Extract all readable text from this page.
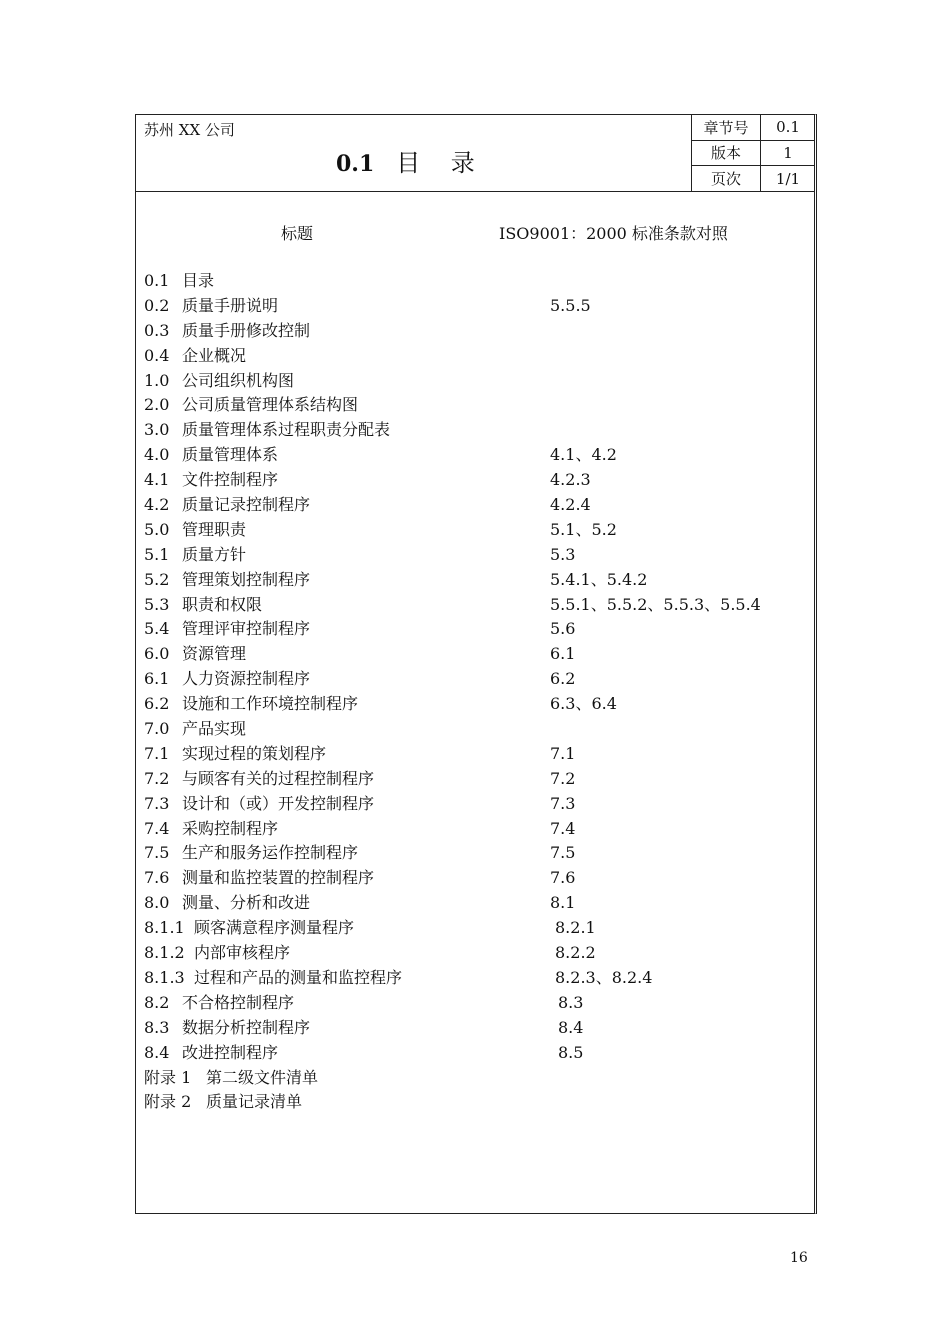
苏州 XX 公司
0.1 目    录
章节号	0.1
版本	1
页次	1/1
标题	ISO9001：2000 标准条款对照
0.1 目录
0.2 质量手册说明	5.5.5
0.3 质量手册修改控制
0.4 企业概况
1.0 公司组织机构图
2.0 公司质量管理体系结构图
3.0 质量管理体系过程职责分配表
4.0 质量管理体系	4.1、4.2
4.1 文件控制程序	4.2.3
4.2 质量记录控制程序	4.2.4
5.0 管理职责	5.1、5.2
5.1 质量方针	5.3
5.2 管理策划控制程序	5.4.1、5.4.2
5.3 职责和权限	5.5.1、5.5.2、5.5.3、5.5.4
5.4 管理评审控制程序	5.6
6.0 资源管理	6.1
6.1 人力资源控制程序	6.2
6.2 设施和工作环境控制程序	6.3、6.4
7.0 产品实现
7.1 实现过程的策划程序	7.1
7.2 与顾客有关的过程控制程序	7.2
7.3 设计和（或）开发控制程序	7.3
7.4 采购控制程序	7.4
7.5 生产和服务运作控制程序	7.5
7.6 测量和监控装置的控制程序	7.6
8.0 测量、分析和改进	8.1
8.1.1 顾客满意程序测量程序	8.2.1
8.1.2 内部审核程序	8.2.2
8.1.3 过程和产品的测量和监控程序	8.2.3、8.2.4
8.2 不合格控制程序	8.3
8.3 数据分析控制程序	8.4
8.4 改进控制程序	8.5
附录 1 第二级文件清单
附录 2 质量记录清单
16
